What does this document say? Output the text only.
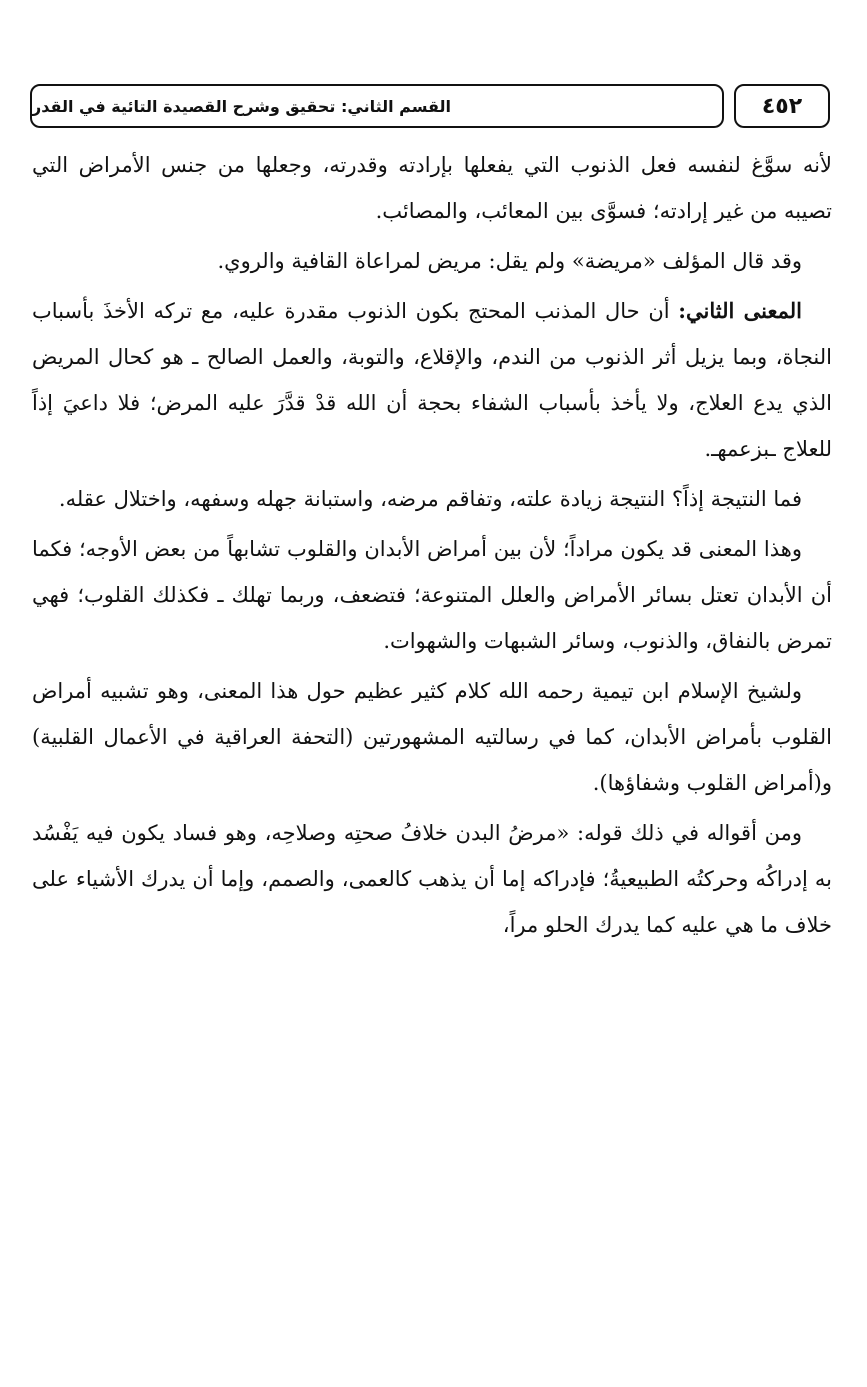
القسم الثاني: تحقيق وشرح القصيدة التائية في القدر	٤٥٢

لأنه سوَّغ لنفسه فعل الذنوب التي يفعلها بإرادته وقدرته، وجعلها من جنس الأمراض التي تصيبه من غير إرادته؛ فسوَّى بين المعائب، والمصائب.

وقد قال المؤلف «مريضة» ولم يقل: مريض لمراعاة القافية والروي.

المعنى الثاني: أن حال المذنب المحتج بكون الذنوب مقدرة عليه، مع تركه الأخذَ بأسباب النجاة، وبما يزيل أثر الذنوب من الندم، والإقلاع، والتوبة، والعمل الصالح ـ هو كحال المريض الذي يدع العلاج، ولا يأخذ بأسباب الشفاء بحجة أن الله قدْ قدَّرَ عليه المرض؛ فلا داعيَ إذاً للعلاج ـبزعمهـ.

فما النتيجة إذاً؟ النتيجة زيادة علته، وتفاقم مرضه، واستبانة جهله وسفهه، واختلال عقله.

وهذا المعنى قد يكون مراداً؛ لأن بين أمراض الأبدان والقلوب تشابهاً من بعض الأوجه؛ فكما أن الأبدان تعتل بسائر الأمراض والعلل المتنوعة؛ فتضعف، وربما تهلك ـ فكذلك القلوب؛ فهي تمرض بالنفاق، والذنوب، وسائر الشبهات والشهوات.

ولشيخ الإسلام ابن تيمية رحمه الله كلام كثير عظيم حول هذا المعنى، وهو تشبيه أمراض القلوب بأمراض الأبدان، كما في رسالتيه المشهورتين (التحفة العراقية في الأعمال القلبية) و(أمراض القلوب وشفاؤها).

ومن أقواله في ذلك قوله: «مرضُ البدن خلافُ صحتِه وصلاحِه، وهو فساد يكون فيه يَفْسُد به إدراكُه وحركتُه الطبيعيةُ؛ فإدراكه إما أن يذهب كالعمى، والصمم، وإما أن يدرك الأشياء على خلاف ما هي عليه كما يدرك الحلو مراً،
